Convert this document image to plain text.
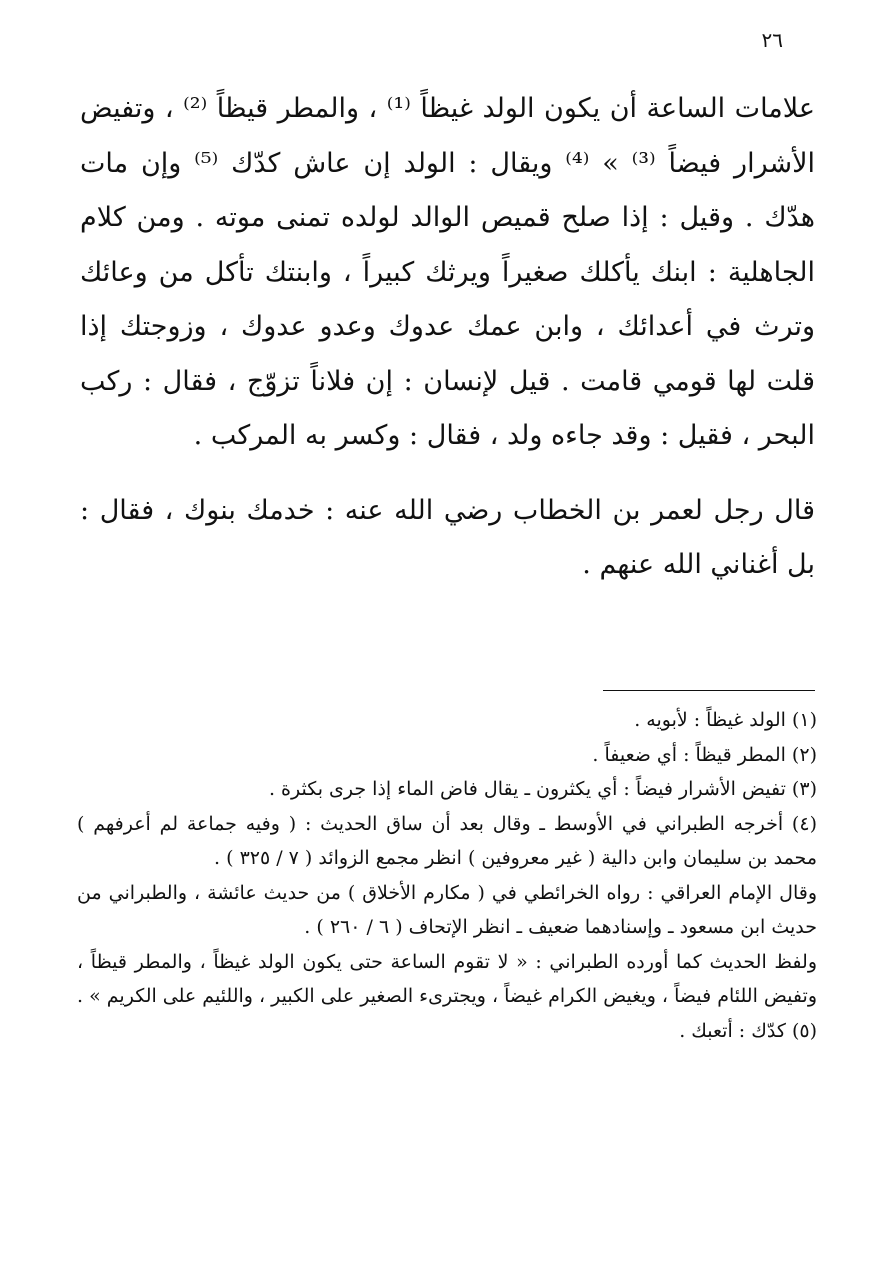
٢٦

علامات الساعة أن يكون الولد غيظاً ⁽¹⁾ ، والمطر قيظاً ⁽²⁾ ، وتفيض الأشرار فيضاً ⁽³⁾ » ⁽⁴⁾ ويقال : الولد إن عاش كدّك ⁽⁵⁾ وإن مات هدّك . وقيل : إذا صلح قميص الوالد لولده تمنى موته . ومن كلام الجاهلية : ابنك يأكلك صغيراً ويرثك كبيراً ، وابنتك تأكل من وعائك وترث في أعدائك ، وابن عمك عدوك وعدو عدوك ، وزوجتك إذا قلت لها قومي قامت . قيل لإنسان : إن فلاناً تزوّج ، فقال : ركب البحر ، فقيل : وقد جاءه ولد ، فقال : وكسر به المركب .

قال رجل لعمر بن الخطاب رضي الله عنه : خدمك بنوك ، فقال : بل أغناني الله عنهم .

(١) الولد غيظاً : لأبويه .

(٢) المطر قيظاً : أي ضعيفاً .

(٣) تفيض الأشرار فيضاً : أي يكثرون ـ يقال فاض الماء إذا جرى بكثرة .

(٤) أخرجه الطبراني في الأوسط ـ وقال بعد أن ساق الحديث : ( وفيه جماعة لم أعرفهم ) محمد بن سليمان وابن دالية ( غير معروفين ) انظر مجمع الزوائد ( ٧ / ٣٢٥ ) .
وقال الإمام العراقي : رواه الخرائطي في ( مكارم الأخلاق ) من حديث عائشة ، والطبراني من حديث ابن مسعود ـ وإسنادهما ضعيف ـ انظر الإتحاف ( ٦ / ٢٦٠ ) .
ولفظ الحديث كما أورده الطبراني : « لا تقوم الساعة حتى يكون الولد غيظاً ، والمطر قيظاً ، وتفيض اللئام فيضاً ، ويغيض الكرام غيضاً ، ويجترىء الصغير على الكبير ، واللئيم على الكريم » .

(٥) كدّك : أتعبك .
